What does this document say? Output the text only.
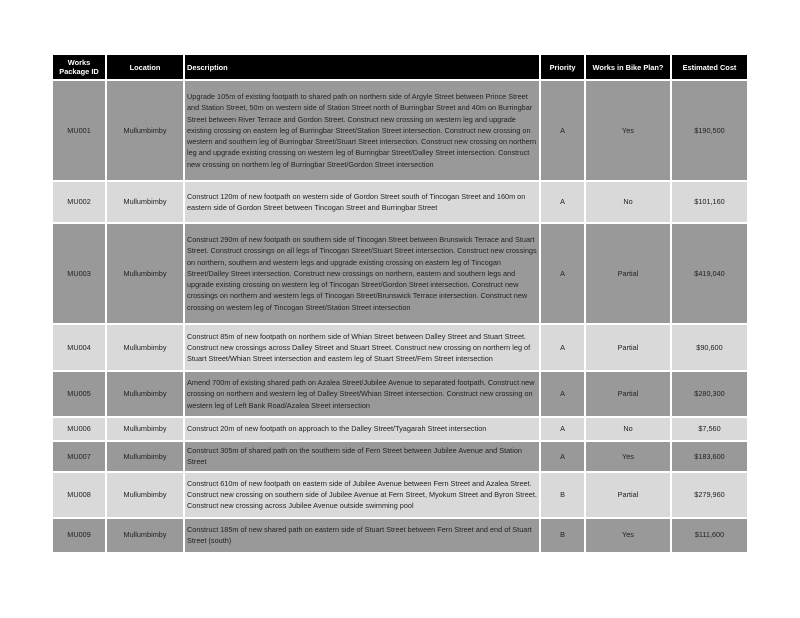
Works Package ID	Location	Description	Priority	Works in Bike Plan?	Estimated Cost
MU001	Mullumbimby	Upgrade 105m of existing footpath to shared path on northern side of Argyle Street between Prince Street and Station Street, 50m on western side of Station Street north of Burringbar Street and 40m on Burringbar Street between River Terrace and Gordon Street. Construct new crossing on western leg and upgrade existing crossing on eastern leg of Burringbar Street/Station Street intersection. Construct new crossing on western and southern leg of Burringbar Street/Stuart Street intersection. Construct new crossing on northern leg and upgrade existing crossing on western leg of Burringbar Street/Dalley Street intersection. Construct new crossing on northern leg of Burringbar Street/Gordon Street intersection	A	Yes	$190,500
MU002	Mullumbimby	Construct 120m of new footpath on western side of Gordon Street south of Tincogan Street and 160m on eastern side of Gordon Street between Tincogan Street and Burringbar Street	A	No	$101,160
MU003	Mullumbimby	Construct 290m of new footpath on southern side of Tincogan Street between Brunswick Terrace and Stuart Street. Construct crossings on all legs of Tincogan Street/Stuart Street intersection. Construct new crossings on northern, southern and western legs and upgrade existing crossing on eastern leg of Tincogan Street/Dalley Street intersection. Construct new crossings on northern, eastern and southern legs and upgrade existing crossing on western leg of Tincogan Street/Gordon Street intersection. Construct new crossings on northern and western legs of Tincogan Street/Brunswick Terrace intersection. Construct new crossing on western leg of Tincogan Street/Station Street intersection	A	Partial	$419,040
MU004	Mullumbimby	Construct 85m of new footpath on northern side of Whian Street between Dalley Street and Stuart Street. Construct new crossings across Dalley Street and Stuart Street. Construct new crossing on northern leg of Stuart Street/Whian Street intersection and eastern leg of Stuart Street/Fern Street intersection	A	Partial	$90,600
MU005	Mullumbimby	Amend 700m of existing shared path on Azalea Street/Jubilee Avenue to separated footpath. Construct new crossing on northern and western leg of Dalley Street/Whian Street intersection. Construct new crossing on western leg of Left Bank Road/Azalea Street intersection	A	Partial	$280,300
MU006	Mullumbimby	Construct 20m of new footpath on approach to the Dalley Street/Tyagarah Street intersection	A	No	$7,560
MU007	Mullumbimby	Construct 305m of shared path on the southern side of Fern Street between Jubilee Avenue and Station Street	A	Yes	$183,600
MU008	Mullumbimby	Construct 610m of new footpath on eastern side of Jubilee Avenue between Fern Street and Azalea Street. Construct new crossing on southern side of Jubilee Avenue at Fern Street, Myokum Street and Byron Street. Construct new crossing across Jubilee Avenue outside swimming pool	B	Partial	$279,960
MU009	Mullumbimby	Construct 185m of new shared path on eastern side of Stuart Street between Fern Street and end of Stuart Street (south)	B	Yes	$111,600
